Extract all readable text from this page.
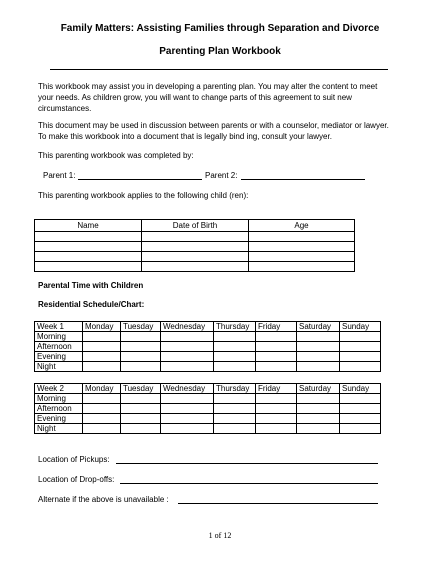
Family Matters: Assisting Families through Separation and Divorce
Parenting Plan Workbook
This workbook may assist you in developing a parenting plan. You may alter the content to meet your needs. As children grow, you will want to change parts of this agreement to suit new circumstances.
This document may be used in discussion between parents or with a counselor, mediator or lawyer. To make this workbook into a document that is legally bind ing, consult your lawyer.
This parenting workbook was completed by:
Parent 1:	Parent 2:
This parenting workbook applies to the following child (ren):
Name	Date of Birth	Age

Parental Time with Children
Residential Schedule/Chart:
Week 1	Monday	Tuesday	Wednesday	Thursday	Friday	Saturday	Sunday
Morning							
Afternoon							
Evening							
Night							
Week 2	Monday	Tuesday	Wednesday	Thursday	Friday	Saturday	Sunday
Morning							
Afternoon							
Evening							
Night							
Location of Pickups:
Location of Drop-offs:
Alternate if the above is unavailable :
1 of 12
